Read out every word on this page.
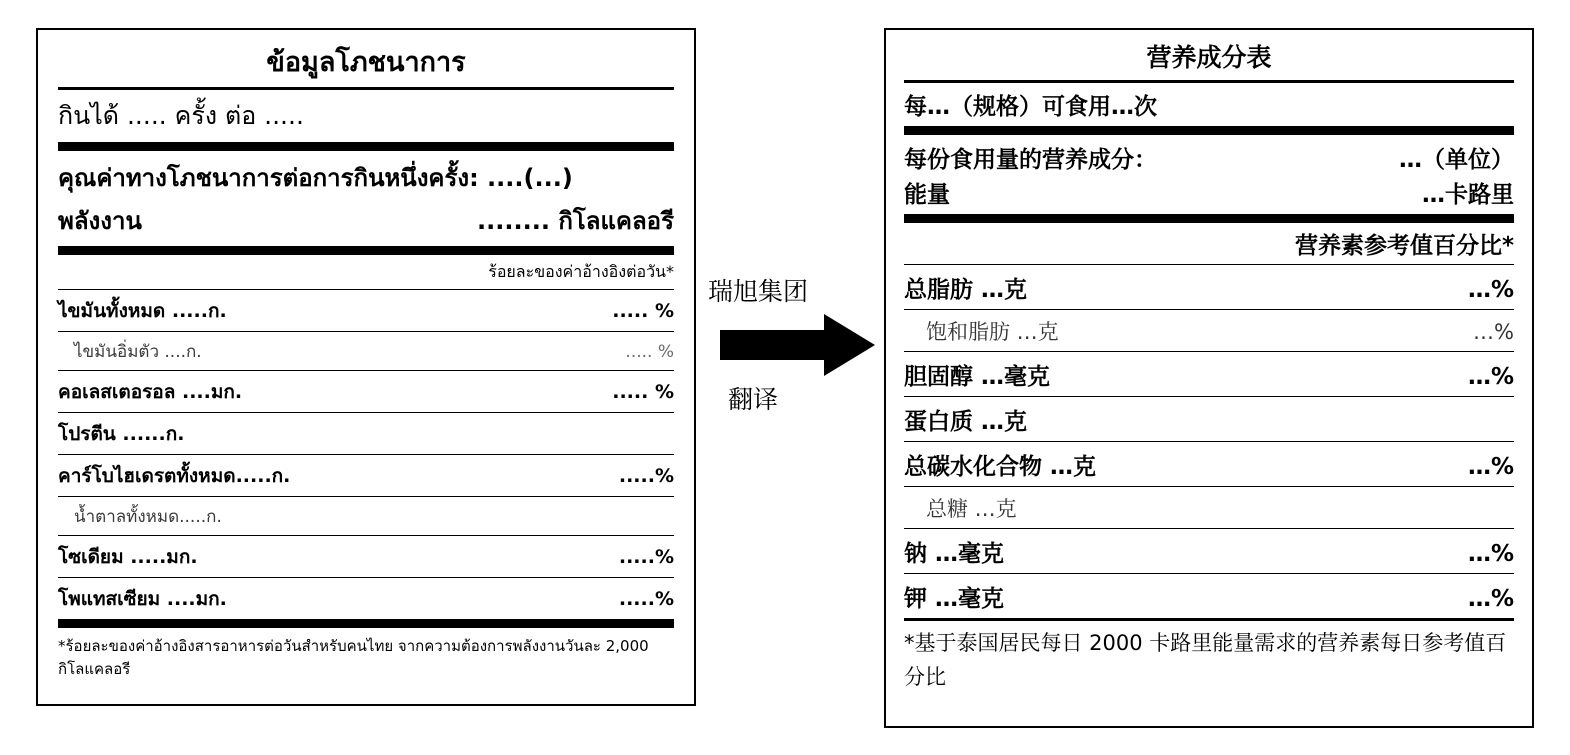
ข้อมูลโภชนาการ
กินได้ ..... ครั้ง ต่อ .....
คุณค่าทางโภชนาการต่อการกินหนึ่งครั้ง: ....(...)
พลังงาน	........ กิโลแคลอรี
ร้อยละของค่าอ้างอิงต่อวัน*
ไขมันทั้งหมด .....ก.	..... %
ไขมันอิ่มตัว ....ก.	..... %
คอเลสเตอรอล ....มก.	..... %
โปรตีน ......ก.
คาร์โบไฮเดรตทั้งหมด.....ก.	.....%
น้ำตาลทั้งหมด.....ก.
โซเดียม .....มก.	.....%
โพแทสเซียม ....มก.	.....%
*ร้อยละของค่าอ้างอิงสารอาหารต่อวันสำหรับคนไทย จากความต้องการพลังงานวันละ 2,000 กิโลแคลอรี
瑞旭集团
翻译
营养成分表
每…（规格）可食用…次
每份食用量的营养成分：	…（单位）
能量	…卡路里
营养素参考值百分比*
总脂肪 …克	…%
饱和脂肪 …克	…%
胆固醇 …毫克	…%
蛋白质 …克
总碳水化合物 …克	…%
总糖 …克
钠 …毫克	…%
钾 …毫克	…%
*基于泰国居民每日 2000 卡路里能量需求的营养素每日参考值百分比
